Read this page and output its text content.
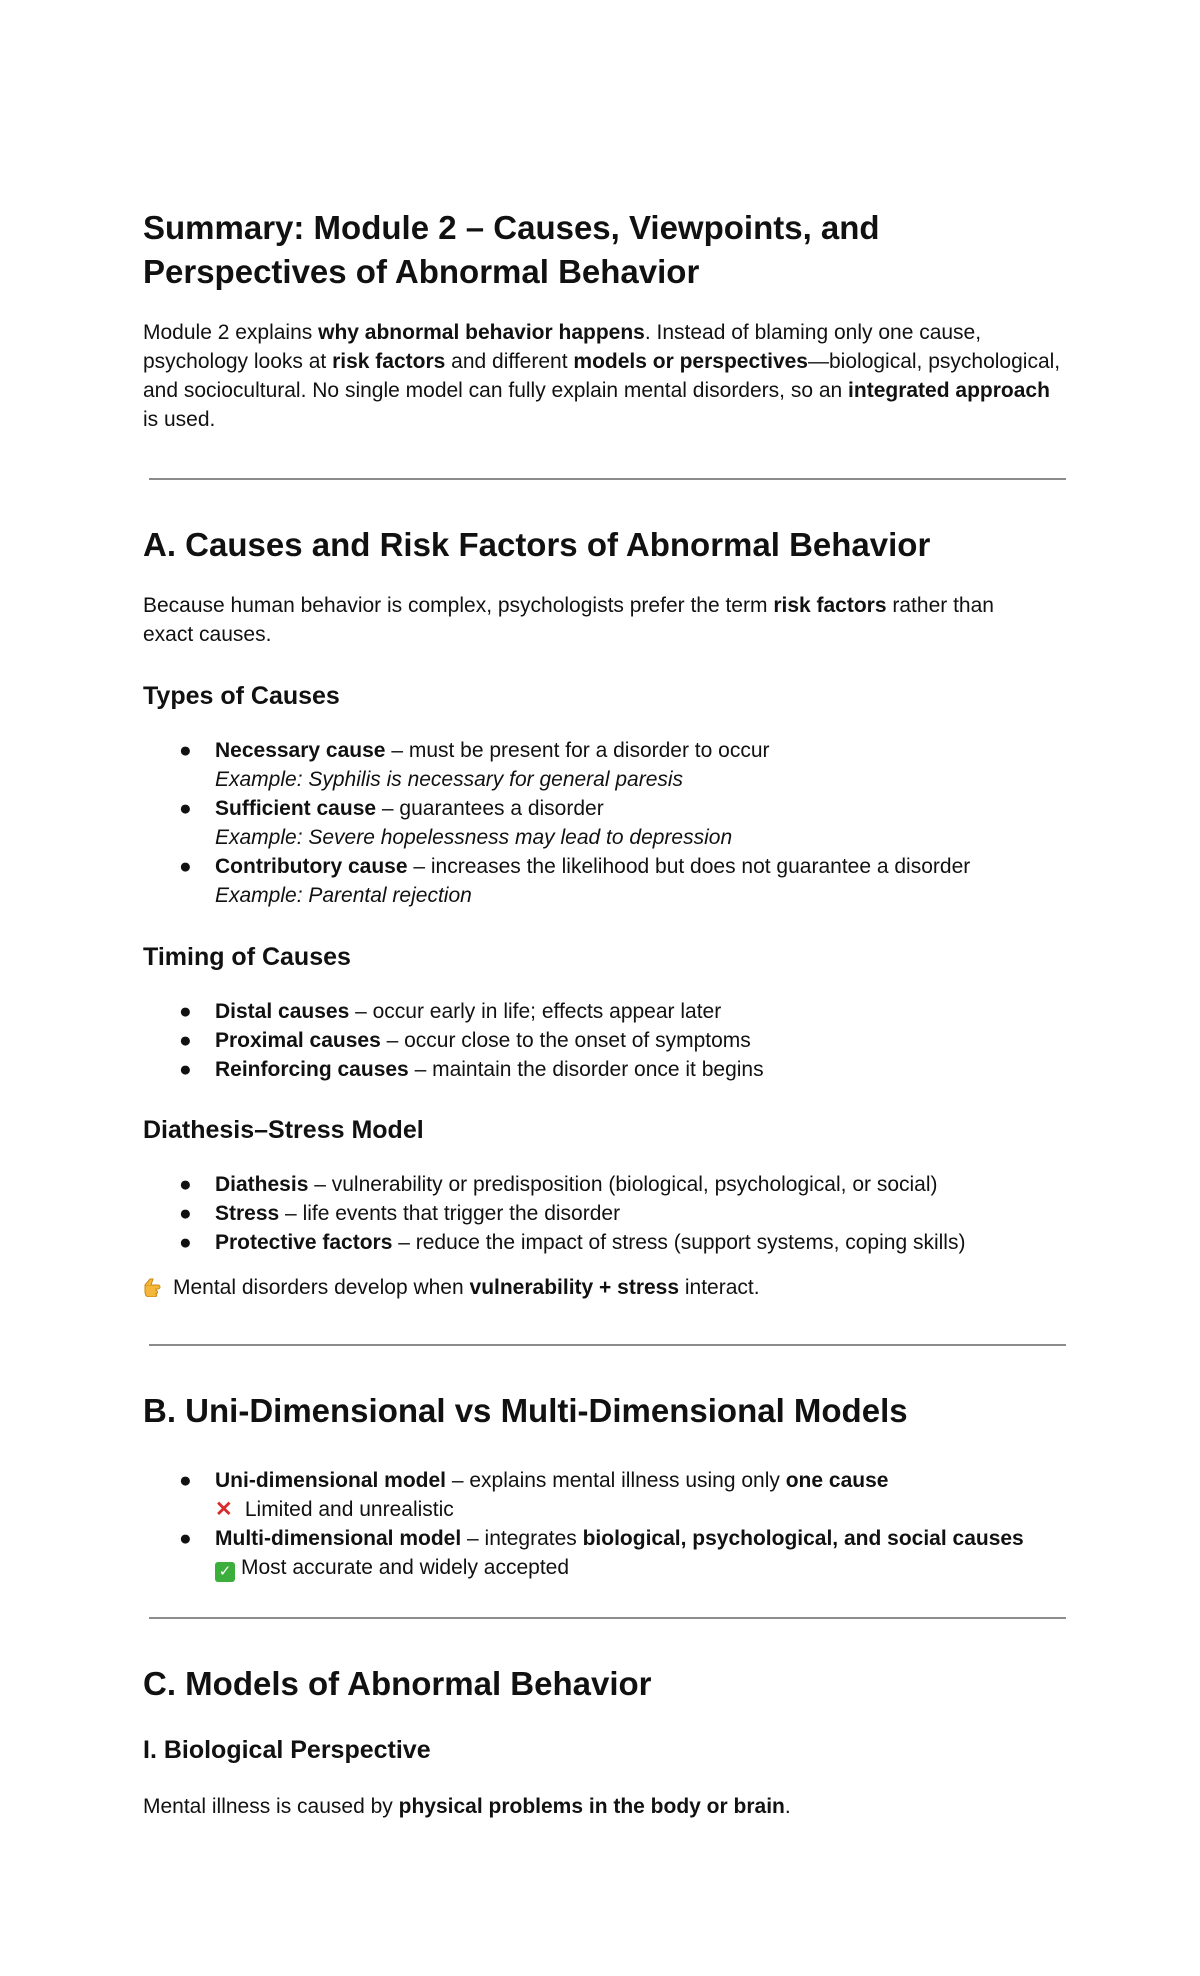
Summary: Module 2 – Causes, Viewpoints, and Perspectives of Abnormal Behavior

Module 2 explains why abnormal behavior happens. Instead of blaming only one cause, psychology looks at risk factors and different models or perspectives—biological, psychological, and sociocultural. No single model can fully explain mental disorders, so an integrated approach is used.

A. Causes and Risk Factors of Abnormal Behavior

Because human behavior is complex, psychologists prefer the term risk factors rather than exact causes.

Types of Causes
● Necessary cause – must be present for a disorder to occur
Example: Syphilis is necessary for general paresis
● Sufficient cause – guarantees a disorder
Example: Severe hopelessness may lead to depression
● Contributory cause – increases the likelihood but does not guarantee a disorder
Example: Parental rejection
Timing of Causes
● Distal causes – occur early in life; effects appear later
● Proximal causes – occur close to the onset of symptoms
● Reinforcing causes – maintain the disorder once it begins
Diathesis–Stress Model
● Diathesis – vulnerability or predisposition (biological, psychological, or social)
● Stress – life events that trigger the disorder
● Protective factors – reduce the impact of stress (support systems, coping skills)

Mental disorders develop when vulnerability + stress interact.

B. Uni-Dimensional vs Multi-Dimensional Models
● Uni-dimensional model – explains mental illness using only one cause
✕ Limited and unrealistic
● Multi-dimensional model – integrates biological, psychological, and social causes
✓ Most accurate and widely accepted
C. Models of Abnormal Behavior
I. Biological Perspective

Mental illness is caused by physical problems in the body or brain.
